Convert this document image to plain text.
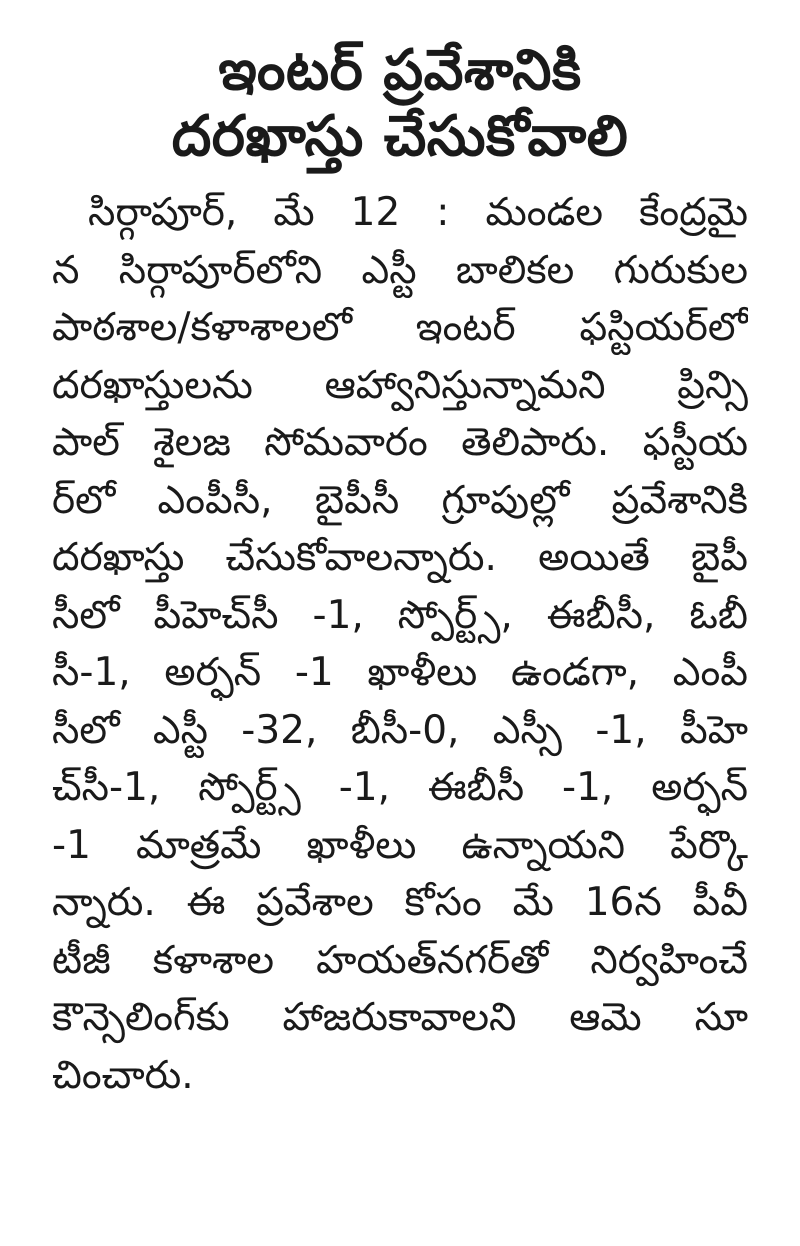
ఇంటర్ ప్రవేశానికి
దరఖాస్తు చేసుకోవాలి
సిర్గాపూర్, మే 12 : మండల కేంద్రమై
న సిర్గాపూర్‌లోని ఎస్టీ బాలికల గురుకుల
పాఠశాల/కళాశాలలో ఇంటర్ ఫస్టియర్‌లో
దరఖాస్తులను ఆహ్వానిస్తున్నామని ప్రిన్సి
పాల్ శైలజ సోమవారం తెలిపారు. ఫస్టీయ
ర్‌లో ఎంపీసీ, బైపీసీ గ్రూపుల్లో ప్రవేశానికి
దరఖాస్తు చేసుకోవాలన్నారు. అయితే బైపీ
సీలో పీహెచ్‌సీ -1, స్పోర్ట్స్, ఈబీసీ, ఓబీ
సీ-1, అర్ఫన్ -1 ఖాళీలు ఉండగా, ఎంపీ
సీలో ఎస్టీ -32, బీసీ-0, ఎస్సీ -1, పీహె
చ్‌సీ-1, స్పోర్ట్స్ -1, ఈబీసీ -1, అర్ఫన్
-1 మాత్రమే ఖాళీలు ఉన్నాయని పేర్కొ
న్నారు. ఈ ప్రవేశాల కోసం మే 16న పీవీ
టీజీ కళాశాల హయత్‌నగర్‌తో నిర్వహించే
కౌన్సెలింగ్‌కు హాజరుకావాలని ఆమె సూ
చించారు.
